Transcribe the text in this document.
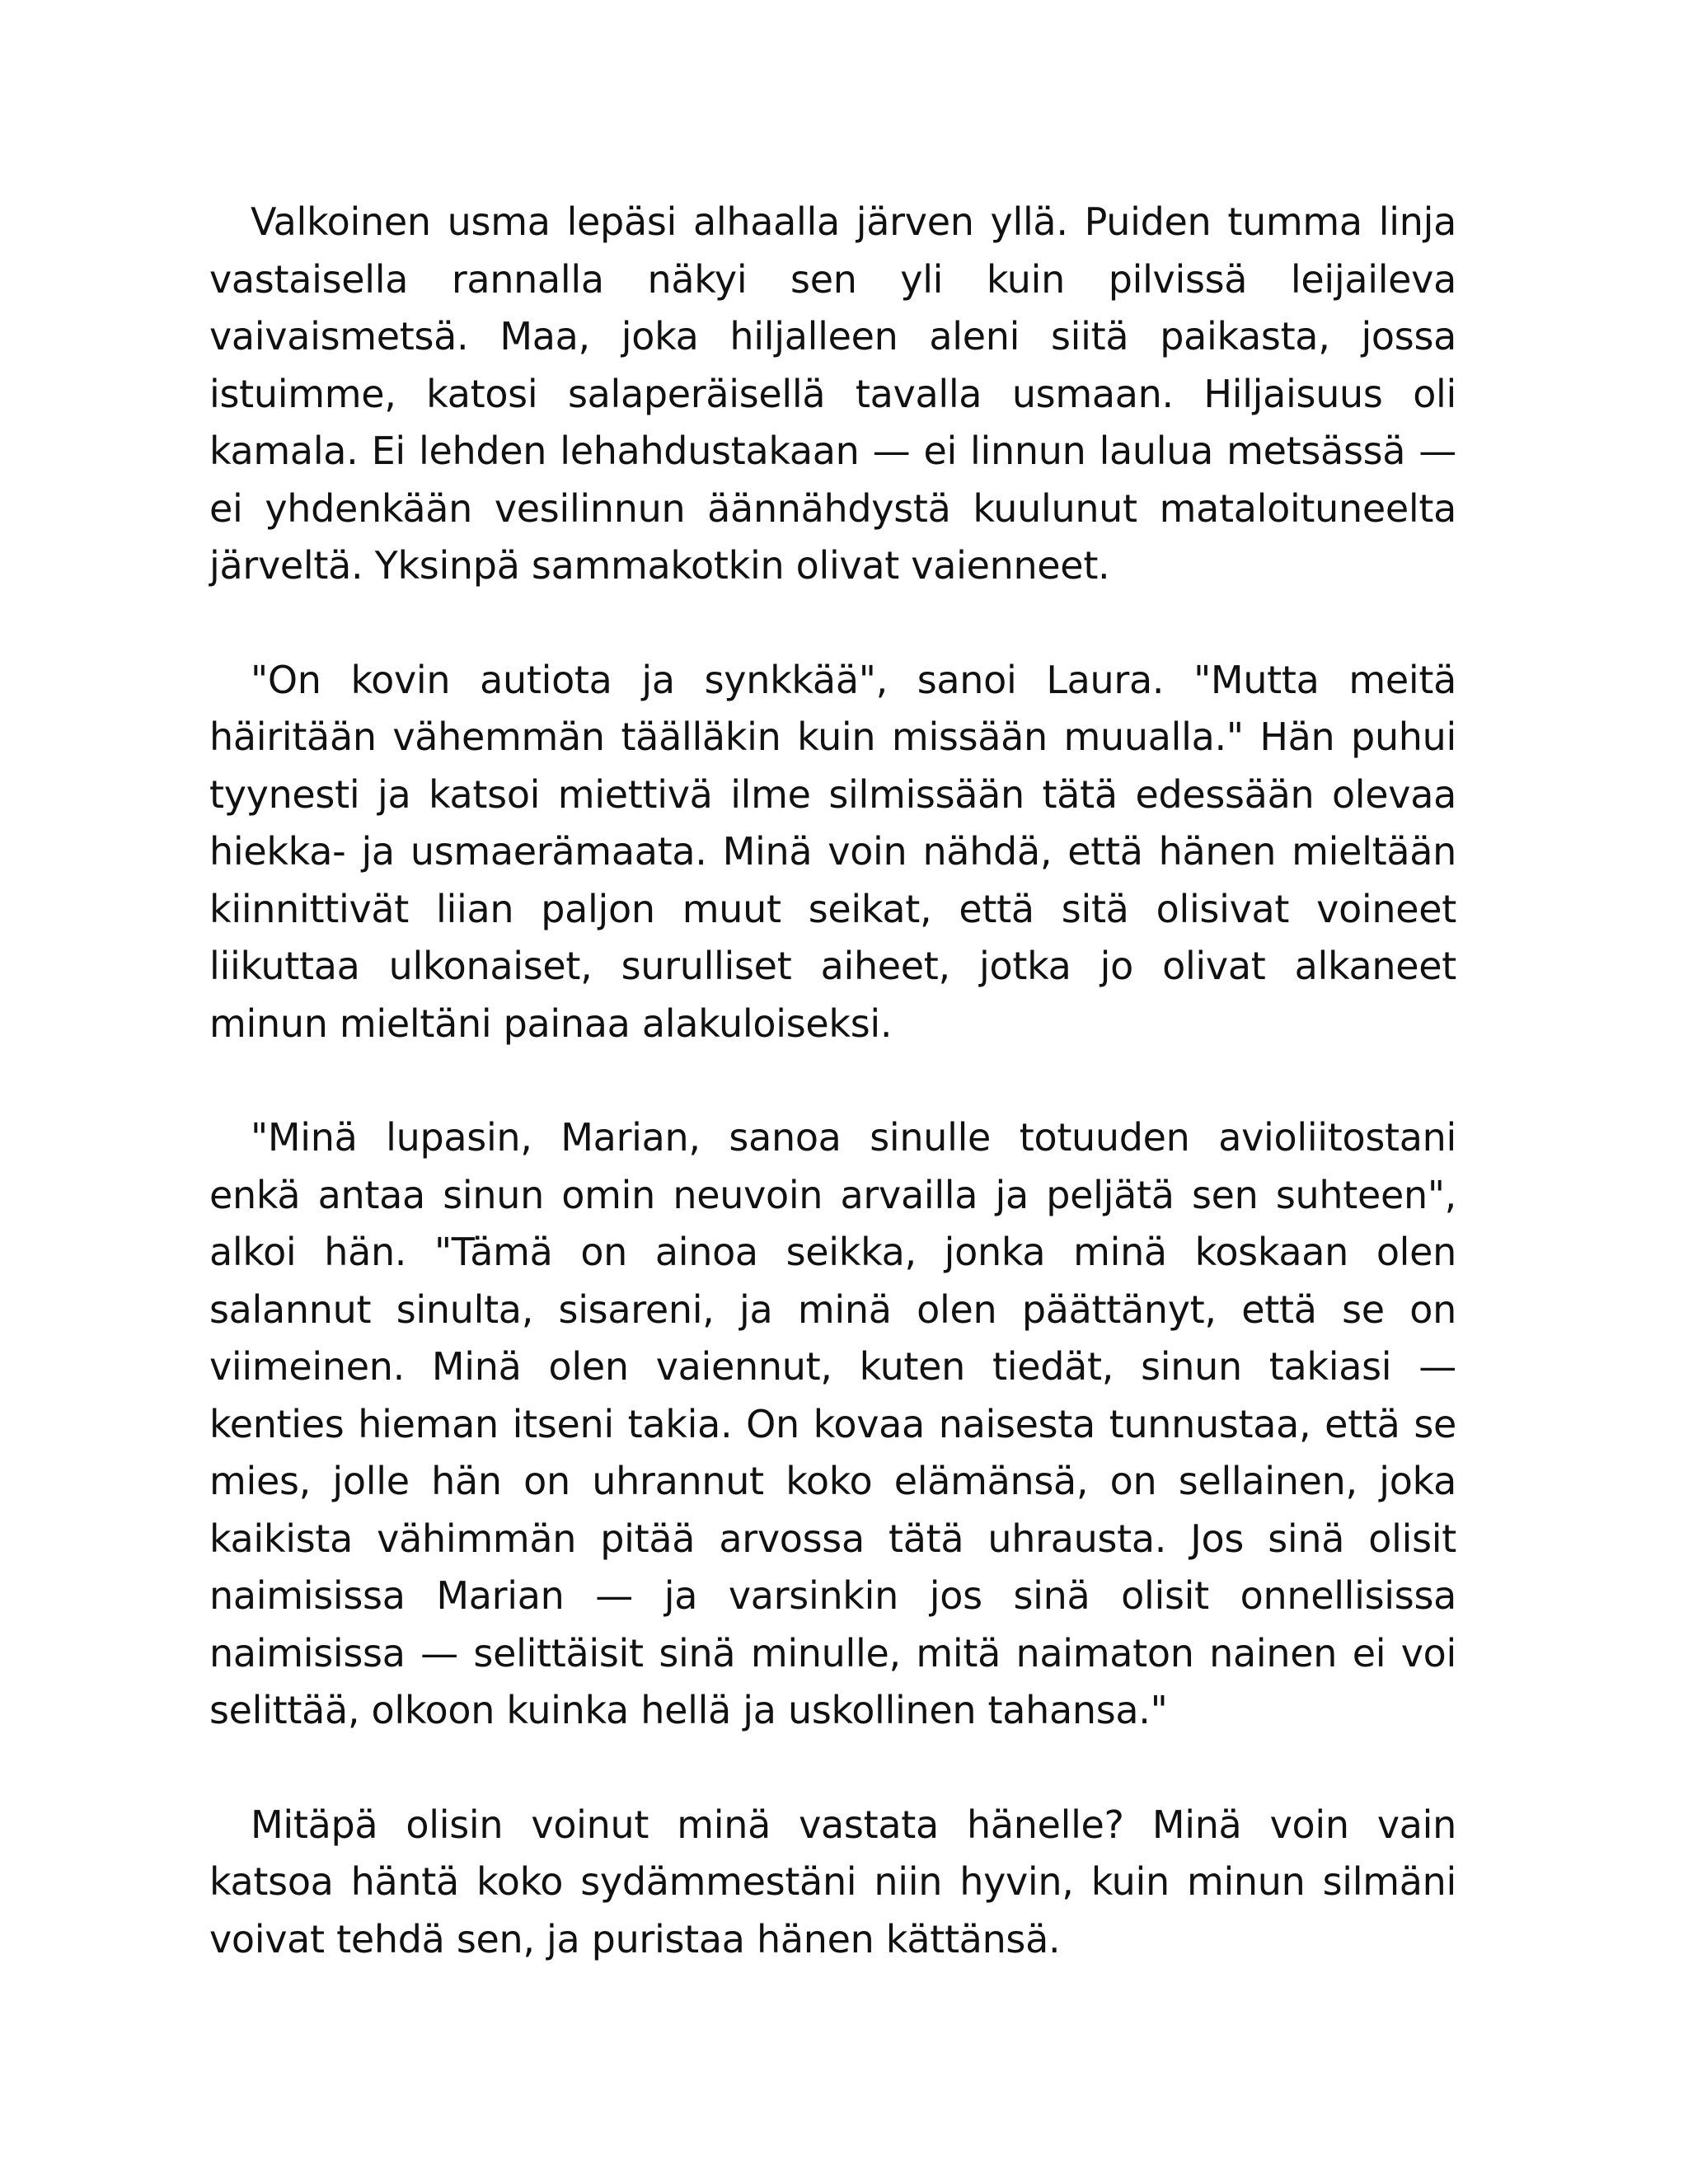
Valkoinen usma lepäsi alhaalla järven yllä. Puiden tumma linja vastaisella rannalla näkyi sen yli kuin pilvissä leijaileva vaivaismetsä. Maa, joka hiljalleen aleni siitä paikasta, jossa istuimme, katosi salaperäisellä tavalla usmaan. Hiljaisuus oli kamala. Ei lehden lehahdustakaan — ei linnun laulua metsässä — ei yhdenkään vesilinnun äännähdystä kuulunut mataloituneelta järveltä. Yksinpä sammakotkin olivat vaienneet.

"On kovin autiota ja synkkää", sanoi Laura. "Mutta meitä häiritään vähemmän täälläkin kuin missään muualla." Hän puhui tyynesti ja katsoi miettivä ilme silmissään tätä edessään olevaa hiekka- ja usmaerämaata. Minä voin nähdä, että hänen mieltään kiinnittivät liian paljon muut seikat, että sitä olisivat voineet liikuttaa ulkonaiset, surulliset aiheet, jotka jo olivat alkaneet minun mieltäni painaa alakuloiseksi.

"Minä lupasin, Marian, sanoa sinulle totuuden avioliitostani enkä antaa sinun omin neuvoin arvailla ja peljätä sen suhteen", alkoi hän. "Tämä on ainoa seikka, jonka minä koskaan olen salannut sinulta, sisareni, ja minä olen päättänyt, että se on viimeinen. Minä olen vaiennut, kuten tiedät, sinun takiasi — kenties hieman itseni takia. On kovaa naisesta tunnustaa, että se mies, jolle hän on uhrannut koko elämänsä, on sellainen, joka kaikista vähimmän pitää arvossa tätä uhrausta. Jos sinä olisit naimisissa Marian — ja varsinkin jos sinä olisit onnellisissa naimisissa — selittäisit sinä minulle, mitä naimaton nainen ei voi selittää, olkoon kuinka hellä ja uskollinen tahansa."

Mitäpä olisin voinut minä vastata hänelle? Minä voin vain katsoa häntä koko sydämmestäni niin hyvin, kuin minun silmäni voivat tehdä sen, ja puristaa hänen kättänsä.
